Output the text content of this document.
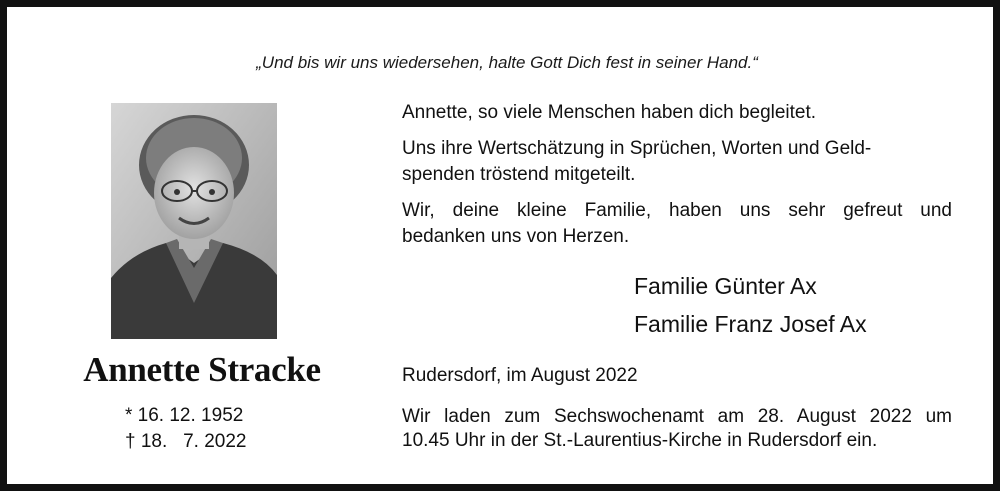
„Und bis wir uns wiedersehen, halte Gott Dich fest in seiner Hand.“
Annette Stracke
* 16. 12. 1952
† 18.   7. 2022
Annette, so viele Menschen haben dich begleitet.
Uns ihre Wertschätzung in Sprüchen, Worten und Geld-
spenden tröstend mitgeteilt.
Wir, deine kleine Familie, haben uns sehr gefreut und
bedanken uns von Herzen.
Familie Günter Ax
Familie Franz Josef Ax
Rudersdorf, im August 2022
Wir laden zum Sechswochenamt am 28. August 2022 um
10.45 Uhr in der St.-Laurentius-Kirche in Rudersdorf ein.
